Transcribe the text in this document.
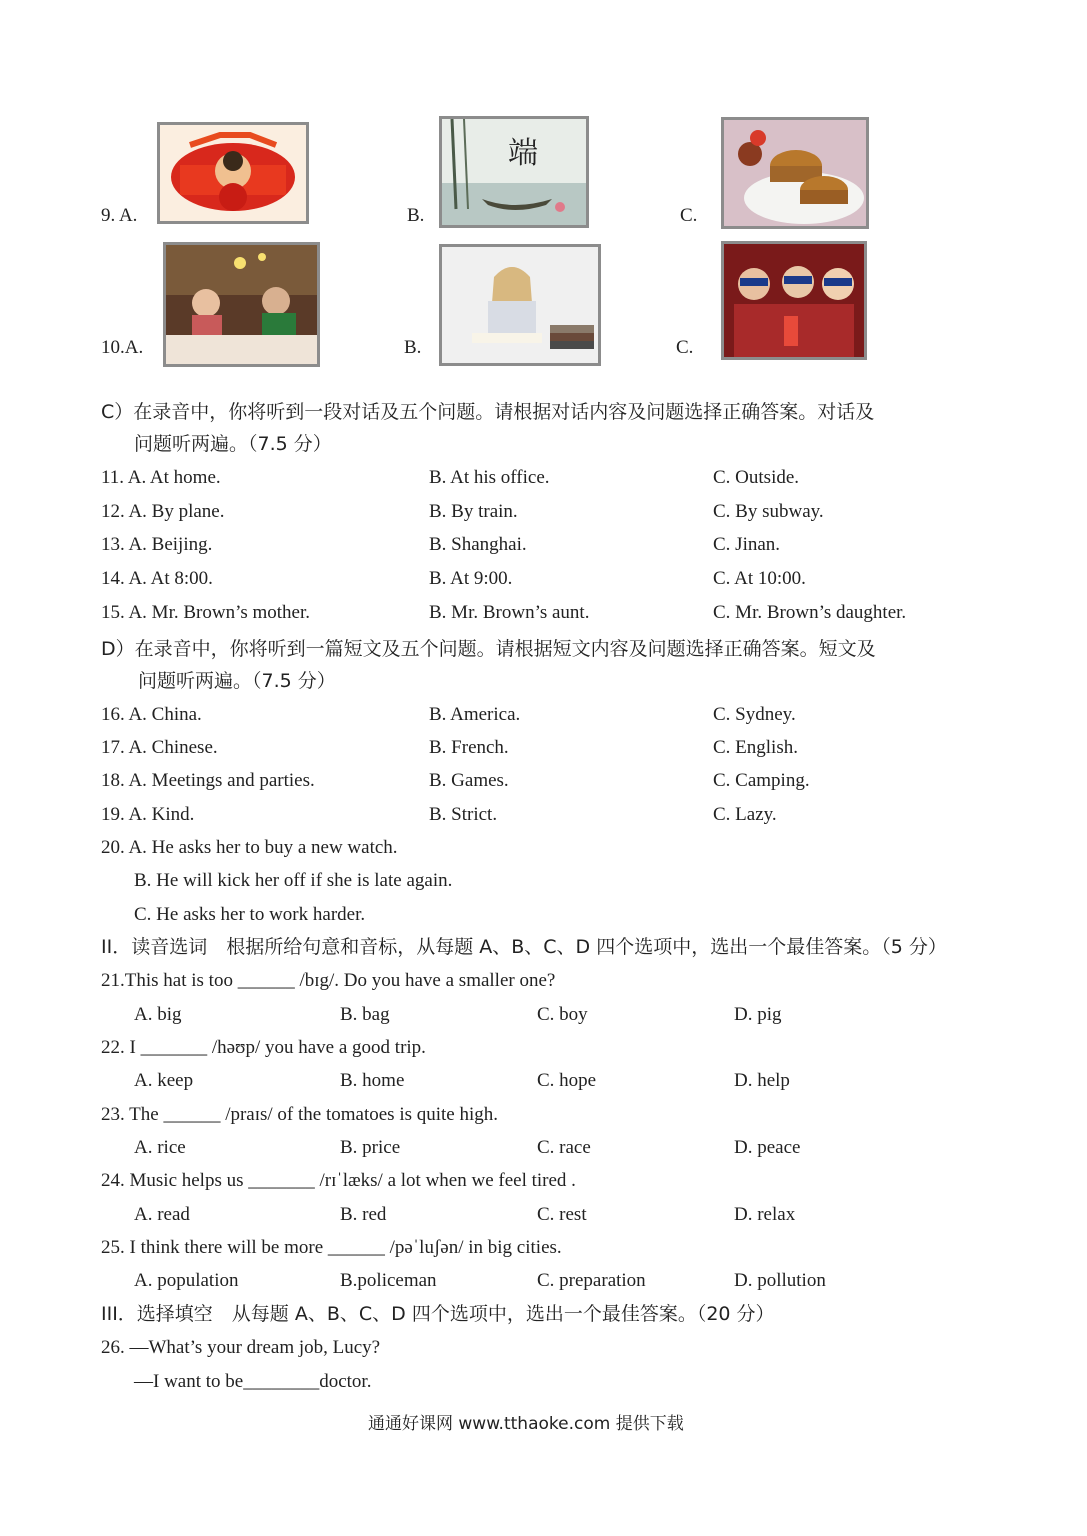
9. A.	B.
端
C.
10.A.	B.	C.
C）在录音中，你将听到一段对话及五个问题。请根据对话内容及问题选择正确答案。对话及
问题听两遍。（7.5 分）
11. A. At home.	B. At his office.	C. Outside.
12. A. By plane.	B. By train.	C. By subway.
13. A. Beijing.	B. Shanghai.	C. Jinan.
14. A. At 8:00.	B. At 9:00.	C. At 10:00.
15. A. Mr. Brown’s mother.	B. Mr. Brown’s aunt.	C. Mr. Brown’s daughter.
D）在录音中，你将听到一篇短文及五个问题。请根据短文内容及问题选择正确答案。短文及
问题听两遍。（7.5 分）
16. A. China.	B. America.	C. Sydney.
17. A. Chinese.	B. French.	C. English.
18. A. Meetings and parties.	B. Games.	C. Camping.
19. A. Kind.	B. Strict.	C. Lazy.
20. A. He asks her to buy a new watch.
B. He will kick her off if she is late again.
C. He asks her to work harder.
II．读音选词　根据所给句意和音标，从每题 A、B、C、D 四个选项中，选出一个最佳答案。（5 分）
21.This hat is too ______ /bɪg/. Do you have a smaller one?
A. big	B. bag	C. boy	D. pig
22. I _______ /həʊp/ you have a good trip.
A. keep	B. home	C. hope	D. help
23. The ______ /praɪs/ of the tomatoes is quite high.
A. rice	B. price	C. race	D. peace
24. Music helps us _______ /rɪˈlæks/ a lot when we feel tired .
A. read	B. red	C. rest	D. relax
25. I think there will be more ______ /pəˈluʃən/ in big cities.
A. population	B.policeman	C. preparation	D. pollution
III．选择填空　从每题 A、B、C、D 四个选项中，选出一个最佳答案。（20 分）
26. —What’s your dream job, Lucy?
—I want to be________doctor.
通通好课网 www.tthaoke.com 提供下载
